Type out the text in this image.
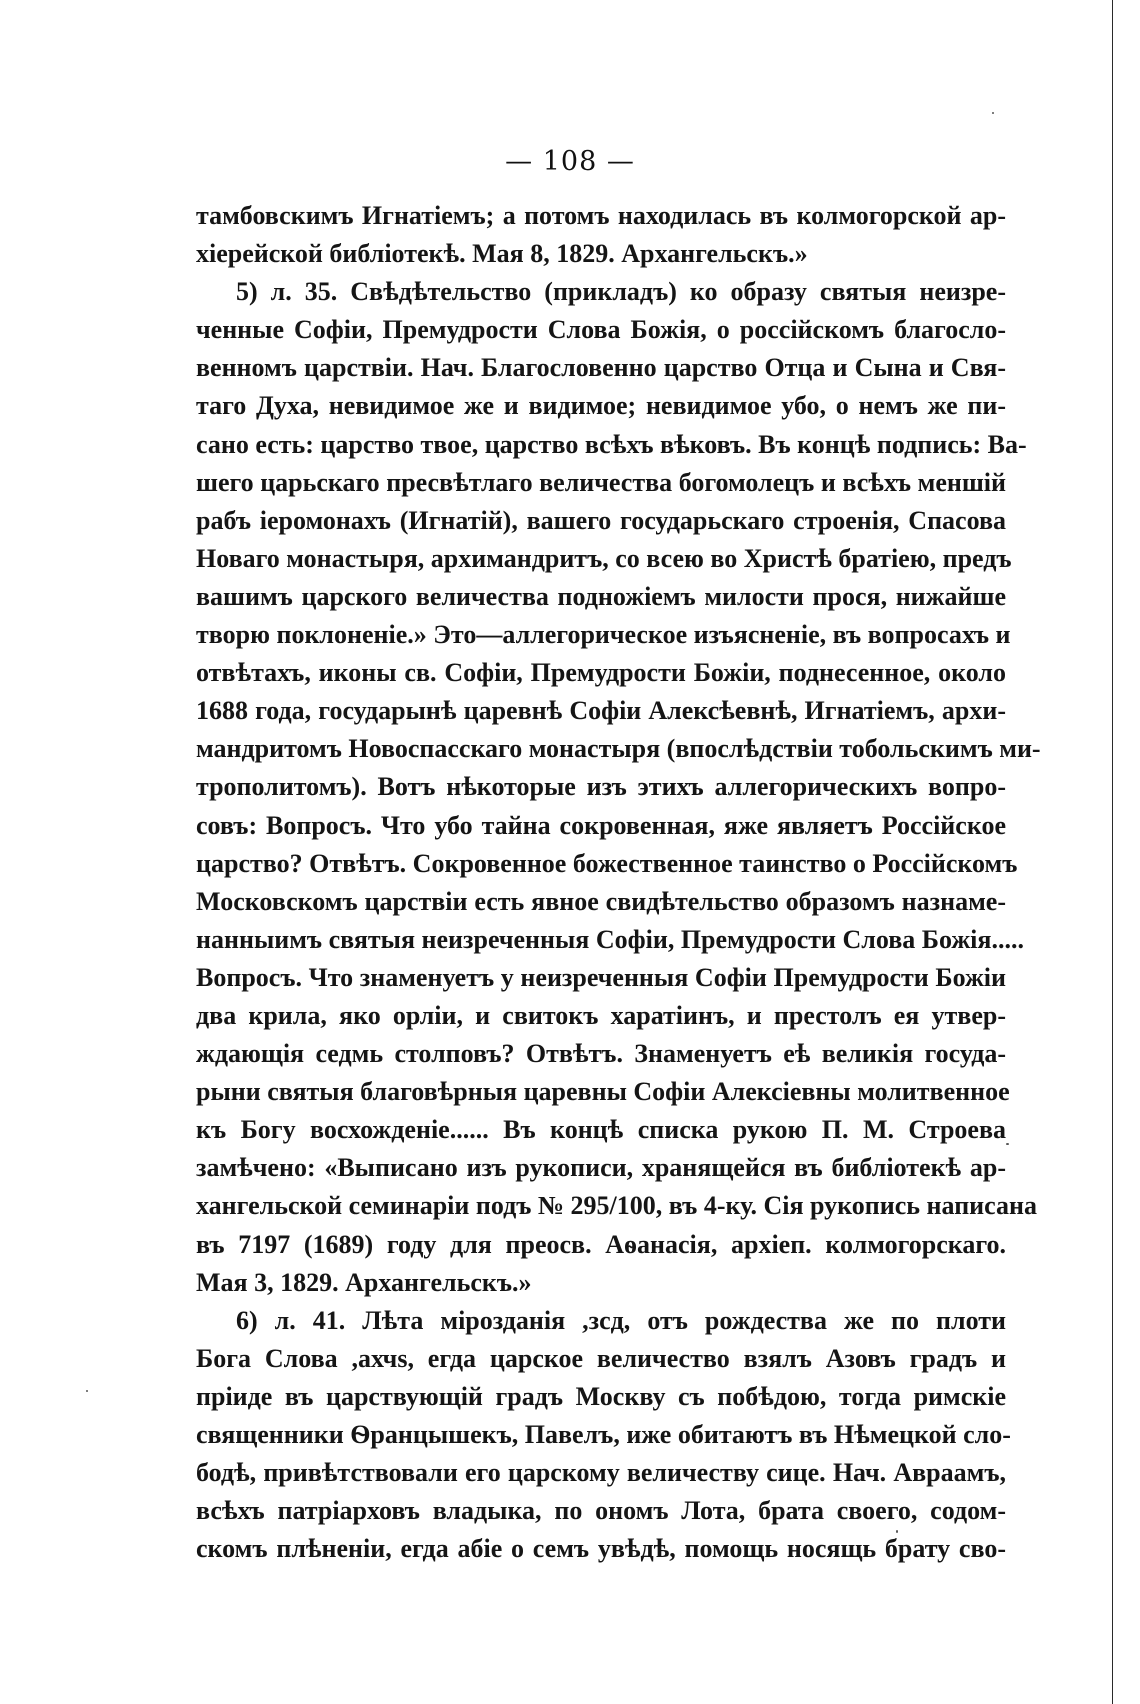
— 108 —
тамбовскимъ Игнатіемъ; а потомъ находилась въ колмогорской ар-
хіерейской библіотекѣ. Мая 8, 1829. Архангельскъ.»
5) л. 35. Свѣдѣтельство (прикладъ) ко образу святыя неизре-
ченные Софіи, Премудрости Слова Божія, о россійскомъ благосло-
венномъ царствіи. Нач. Благословенно царство Отца и Сына и Свя-
таго Духа, невидимое же и видимое; невидимое убо, о немъ же пи-
сано есть: царство твое, царство всѣхъ вѣковъ. Въ концѣ подпись: Ва-
шего царьскаго пресвѣтлаго величества богомолецъ и всѣхъ меншій
рабъ іеромонахъ (Игнатій), вашего государьскаго строенія, Спасова
Новаго монастыря, архимандритъ, со всею во Христѣ братіею, предъ
вашимъ царского величества подножіемъ милости прося, нижайше
творю поклоненіе.» Это—аллегорическое изъясненіе, въ вопросахъ и
отвѣтахъ, иконы св. Софіи, Премудрости Божіи, поднесенное, около
1688 года, государынѣ царевнѣ Софіи Алексѣевнѣ, Игнатіемъ, архи-
мандритомъ Новоспасскаго монастыря (впослѣдствіи тобольскимъ ми-
трополитомъ). Вотъ нѣкоторые изъ этихъ аллегорическихъ вопро-
совъ: Вопросъ. Что убо тайна сокровенная, яже являетъ Россійское
царство? Отвѣтъ. Сокровенное божественное таинство о Россійскомъ
Московскомъ царствіи есть явное свидѣтельство образомъ назнаме-
нанныимъ святыя неизреченныя Софіи, Премудрости Слова Божія.....
Вопросъ. Что знаменуетъ у неизреченныя Софіи Премудрости Божіи
два крила, яко орліи, и свитокъ харатіинъ, и престолъ ея утвер-
ждающія седмь столповъ? Отвѣтъ. Знаменуетъ еѣ великія госуда-
рыни святыя благовѣрныя царевны Софіи Алексіевны молитвенное
къ Богу восхожденіе...... Въ концѣ списка рукою П. М. Строева
замѣчено: «Выписано изъ рукописи, хранящейся въ библіотекѣ ар-
хангельской семинаріи подъ № 295/100, въ 4-ку. Сія рукопись написана
въ 7197 (1689) году для преосв. Аѳанасія, архіеп. колмогорскаго.
Мая 3, 1829. Архангельскъ.»
6) л. 41. Лѣта мірозданія ,зсд, отъ рождества же по плоти
Бога Слова ,ахчs, егда царское величество взялъ Азовъ градъ и
пріиде въ царствующій градъ Москву съ побѣдою, тогда римскіе
священники Ѳранцышекъ, Павелъ, иже обитаютъ въ Нѣмецкой сло-
бодѣ, привѣтствовали его царскому величеству сице. Нач. Авраамъ,
всѣхъ патріарховъ владыка, по ономъ Лота, брата своего, содом-
скомъ плѣненіи, егда абіе о семъ увѣдѣ, помощь носящь брату сво-
